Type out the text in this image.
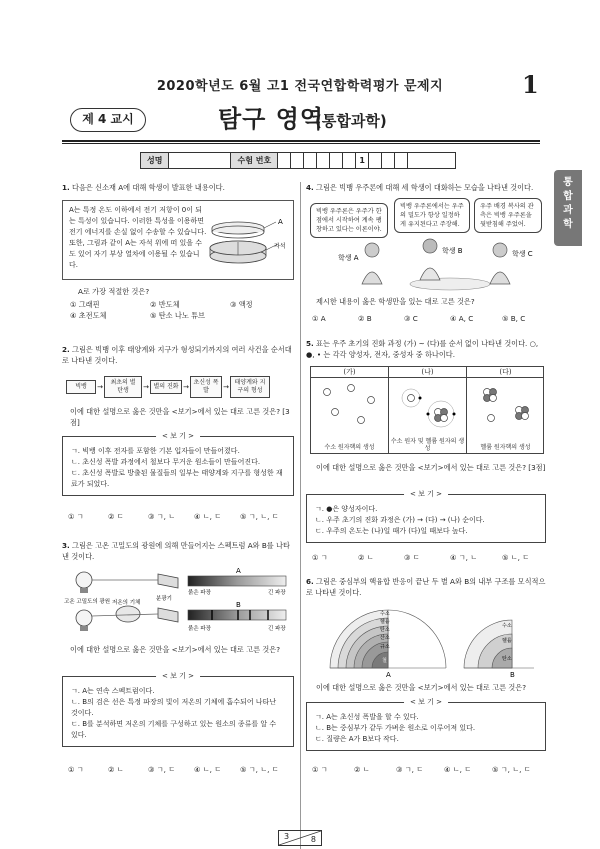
2020학년도 6월 고1 전국연합학력평가 문제지	1
제 4 교시	탐구 영역
(통합과학)
성명	수험 번호	1
통합과학
1. 다음은 신소재 A에 대해 학생이 발표한 내용이다.
A는 특정 온도 이하에서 전기 저항이 0이 되는 특성이 있습니다. 이러한 특성을 이용하면 전기 에너지를 손실 없이 수송할 수 있습니다. 또한, 그림과 같이 A는 자석 위에 떠 있을 수도 있어 자기 부상 열차에 이용될 수 있습니다.
A
자석
A로 가장 적절한 것은?
① 그래핀	② 반도체	③ 액정
④ 초전도체	⑤ 탄소 나노 튜브
2. 그림은 빅뱅 이후 태양계와 지구가 형성되기까지의 여러 사건을 순서대로 나타낸 것이다.
빅뱅	→
최초의 별 탄생	→ 별의 진화 →
초신성 폭발	→
태양계와 지구의 형성
이에 대한 설명으로 옳은 것만을 <보기>에서 있는 대로 고른 것은? [3점]
< 보 기 >
ㄱ. 빅뱅 이후 전자를 포함한 기본 입자들이 만들어졌다.
ㄴ. 초신성 폭발 과정에서 철보다 무거운 원소들이 만들어진다.
ㄷ. 초신성 폭발로 방출된 물질들의 일부는 태양계와 지구를 형성한 재료가 되었다.
① ㄱ	② ㄷ	③ ㄱ, ㄴ	④ ㄴ, ㄷ	⑤ ㄱ, ㄴ, ㄷ
3. 그림은 고온 고밀도의 광원에 의해 만들어지는 스펙트럼 A와 B를 나타낸 것이다.
A
B
고온 고밀도의 광원 저온의 기체
분광기
붉은 파장	긴 파장
붉은 파장	긴 파장
이에 대한 설명으로 옳은 것만을 <보기>에서 있는 대로 고른 것은?
< 보 기 >
ㄱ. A는 연속 스펙트럼이다.
ㄴ. B의 검은 선은 특정 파장의 빛이 저온의 기체에 흡수되어 나타난 것이다.
ㄷ. B를 분석하면 저온의 기체를 구성하고 있는 원소의 종류를 알 수 있다.
① ㄱ	② ㄴ	③ ㄱ, ㄷ	④ ㄴ, ㄷ	⑤ ㄱ, ㄴ, ㄷ
4. 그림은 빅뱅 우주론에 대해 세 학생이 대화하는 모습을 나타낸 것이다.
빅뱅 우주론은 우주가 한 점에서 시작하여 계속 팽창하고 있다는 이론이야.
빅뱅 우주론에서는 우주의 밀도가 항상 일정하게 유지된다고 주장해.
우주 배경 복사의 관측은 빅뱅 우주론을 뒷받침해 주었어.
학생 A
학생 B	학생 C
제시한 내용이 옳은 학생만을 있는 대로 고른 것은?
① A	② B	③ C	④ A, C	⑤ B, C
5. 표는 우주 초기의 진화 과정 (가) ~ (다)를 순서 없이 나타낸 것이다. ○, ●, • 는 각각 양성자, 전자, 중성자 중 하나이다.
(가)
수소 원자핵의 생성
(나)
수소 원자 및 헬륨 원자의 생성
(다)
헬륨 원자핵의 생성
이에 대한 설명으로 옳은 것만을 <보기>에서 있는 대로 고른 것은? [3점]
< 보 기 >
ㄱ. ●은 양성자이다.
ㄴ. 우주 초기의 진화 과정은 (가) → (다) → (나) 순이다.
ㄷ. 우주의 온도는 (나)일 때가 (다)일 때보다 높다.
① ㄱ	② ㄴ	③ ㄷ	④ ㄱ, ㄴ	⑤ ㄴ, ㄷ
6. 그림은 중심부의 핵융합 반응이 끝난 두 별 A와 B의 내부 구조를 모식적으로 나타낸 것이다.
수소
헬륨
탄소
산소
규소
철
A
수소
헬륨
탄소
B
이에 대한 설명으로 옳은 것만을 <보기>에서 있는 대로 고른 것은?
< 보 기 >
ㄱ. A는 초신성 폭발을 할 수 있다.
ㄴ. B는 중심부가 같두 가벼운 원소로 이루어져 있다.
ㄷ. 질량은 A가 B보다 작다.
① ㄱ	② ㄴ	③ ㄱ, ㄷ	④ ㄴ, ㄷ	⑤ ㄱ, ㄴ, ㄷ
3	8
